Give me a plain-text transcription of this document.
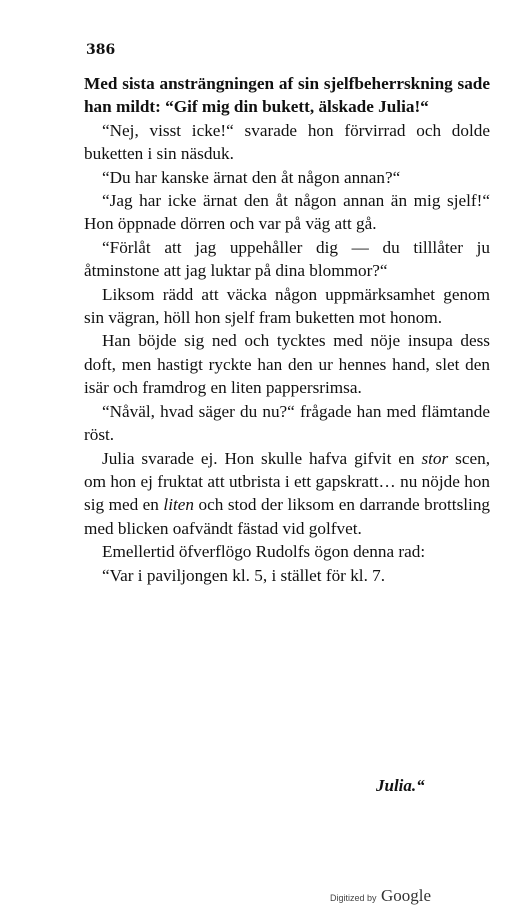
386

Med sista ansträngningen af sin sjelfbeherrskning sade han mildt: “Gif mig din bukett, älskade Julia!“

“Nej, visst icke!“ svarade hon förvirrad och dolde buketten i sin näsduk.

“Du har kanske ärnat den åt någon annan?“

“Jag har icke ärnat den åt någon annan än mig sjelf!“ Hon öppnade dörren och var på väg att gå.

“Förlåt att jag uppehåller dig — du tilllåter ju åtminstone att jag luktar på dina blommor?“

Liksom rädd att väcka någon uppmärksamhet genom sin vägran, höll hon sjelf fram buketten mot honom.

Han böjde sig ned och tycktes med nöje insupa dess doft, men hastigt ryckte han den ur hennes hand, slet den isär och framdrog en liten pappersrimsa.

“Nåväl, hvad säger du nu?“ frågade han med flämtande röst.

Julia svarade ej. Hon skulle hafva gifvit en stor scen, om hon ej fruktat att utbrista i ett gapskratt… nu nöjde hon sig med en liten och stod der liksom en darrande brottsling med blicken oafvändt fästad vid golfvet.

Emellertid öfverflögo Rudolfs ögon denna rad:

“Var i paviljongen kl. 5, i stället för kl. 7.

Julia.“
Digitized by Google
